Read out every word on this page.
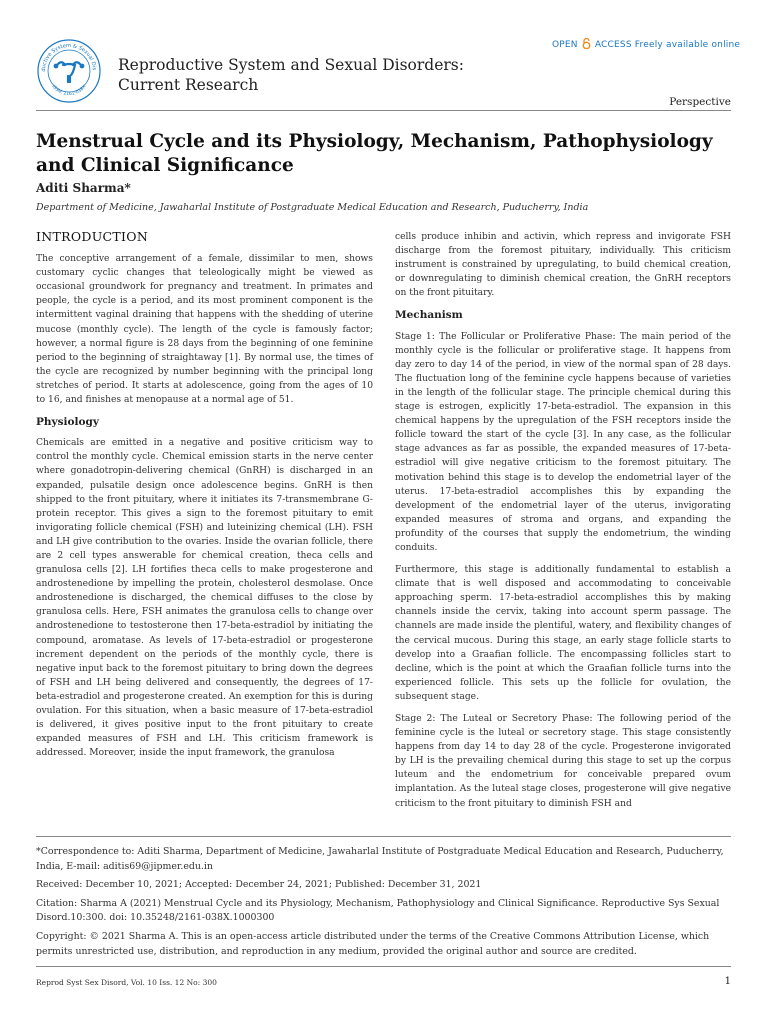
ductive System & Sexual Dis
ISSN: 2161-038X
Reproductive System and Sexual Disorders:
Current Research
OPEN ACCESS Freely available online
Perspective
Menstrual Cycle and its Physiology, Mechanism, Pathophysiology and Clinical Significance
Aditi Sharma*
Department of Medicine, Jawaharlal Institute of Postgraduate Medical Education and Research, Puducherry, India
INTRODUCTION

The conceptive arrangement of a female, dissimilar to men, shows customary cyclic changes that teleologically might be viewed as occasional groundwork for pregnancy and treatment. In primates and people, the cycle is a period, and its most prominent component is the intermittent vaginal draining that happens with the shedding of uterine mucose (monthly cycle). The length of the cycle is famously factor; however, a normal figure is 28 days from the beginning of one feminine period to the beginning of straightaway [1]. By normal use, the times of the cycle are recognized by number beginning with the principal long stretches of period. It starts at adolescence, going from the ages of 10 to 16, and finishes at menopause at a normal age of 51.

Physiology

Chemicals are emitted in a negative and positive criticism way to control the monthly cycle. Chemical emission starts in the nerve center where gonadotropin-delivering chemical (GnRH) is discharged in an expanded, pulsatile design once adolescence begins. GnRH is then shipped to the front pituitary, where it initiates its 7-transmembrane G-protein receptor. This gives a sign to the foremost pituitary to emit invigorating follicle chemical (FSH) and luteinizing chemical (LH). FSH and LH give contribution to the ovaries. Inside the ovarian follicle, there are 2 cell types answerable for chemical creation, theca cells and granulosa cells [2]. LH fortifies theca cells to make progesterone and androstenedione by impelling the protein, cholesterol desmolase. Once androstenedione is discharged, the chemical diffuses to the close by granulosa cells. Here, FSH animates the granulosa cells to change over androstenedione to testosterone then 17-beta-estradiol by initiating the compound, aromatase. As levels of 17-beta-estradiol or progesterone increment dependent on the periods of the monthly cycle, there is negative input back to the foremost pituitary to bring down the degrees of FSH and LH being delivered and consequently, the degrees of 17-beta-estradiol and progesterone created. An exemption for this is during ovulation. For this situation, when a basic measure of 17-beta-estradiol is delivered, it gives positive input to the front pituitary to create expanded measures of FSH and LH. This criticism framework is addressed. Moreover, inside the input framework, the granulosa

cells produce inhibin and activin, which repress and invigorate FSH discharge from the foremost pituitary, individually. This criticism instrument is constrained by upregulating, to build chemical creation, or downregulating to diminish chemical creation, the GnRH receptors on the front pituitary.

Mechanism

Stage 1: The Follicular or Proliferative Phase: The main period of the monthly cycle is the follicular or proliferative stage. It happens from day zero to day 14 of the period, in view of the normal span of 28 days. The fluctuation long of the feminine cycle happens because of varieties in the length of the follicular stage. The principle chemical during this stage is estrogen, explicitly 17-beta-estradiol. The expansion in this chemical happens by the upregulation of the FSH receptors inside the follicle toward the start of the cycle [3]. In any case, as the follicular stage advances as far as possible, the expanded measures of 17-beta-estradiol will give negative criticism to the foremost pituitary. The motivation behind this stage is to develop the endometrial layer of the uterus. 17-beta-estradiol accomplishes this by expanding the development of the endometrial layer of the uterus, invigorating expanded measures of stroma and organs, and expanding the profundity of the courses that supply the endometrium, the winding conduits.

Furthermore, this stage is additionally fundamental to establish a climate that is well disposed and accommodating to conceivable approaching sperm. 17-beta-estradiol accomplishes this by making channels inside the cervix, taking into account sperm passage. The channels are made inside the plentiful, watery, and flexibility changes of the cervical mucous. During this stage, an early stage follicle starts to develop into a Graafian follicle. The encompassing follicles start to decline, which is the point at which the Graafian follicle turns into the experienced follicle. This sets up the follicle for ovulation, the subsequent stage.

Stage 2: The Luteal or Secretory Phase: The following period of the feminine cycle is the luteal or secretory stage. This stage consistently happens from day 14 to day 28 of the cycle. Progesterone invigorated by LH is the prevailing chemical during this stage to set up the corpus luteum and the endometrium for conceivable prepared ovum implantation. As the luteal stage closes, progesterone will give negative criticism to the front pituitary to diminish FSH and

*Correspondence to: Aditi Sharma, Department of Medicine, Jawaharlal Institute of Postgraduate Medical Education and Research, Puducherry, India, E-mail: aditis69@jipmer.edu.in

Received: December 10, 2021; Accepted: December 24, 2021; Published: December 31, 2021

Citation: Sharma A (2021) Menstrual Cycle and its Physiology, Mechanism, Pathophysiology and Clinical Significance. Reproductive Sys Sexual Disord.10:300. doi: 10.35248/2161-038X.1000300

Copyright: © 2021 Sharma A. This is an open-access article distributed under the terms of the Creative Commons Attribution License, which permits unrestricted use, distribution, and reproduction in any medium, provided the original author and source are credited.

Reprod Syst Sex Disord, Vol. 10 Iss. 12 No: 300	1
